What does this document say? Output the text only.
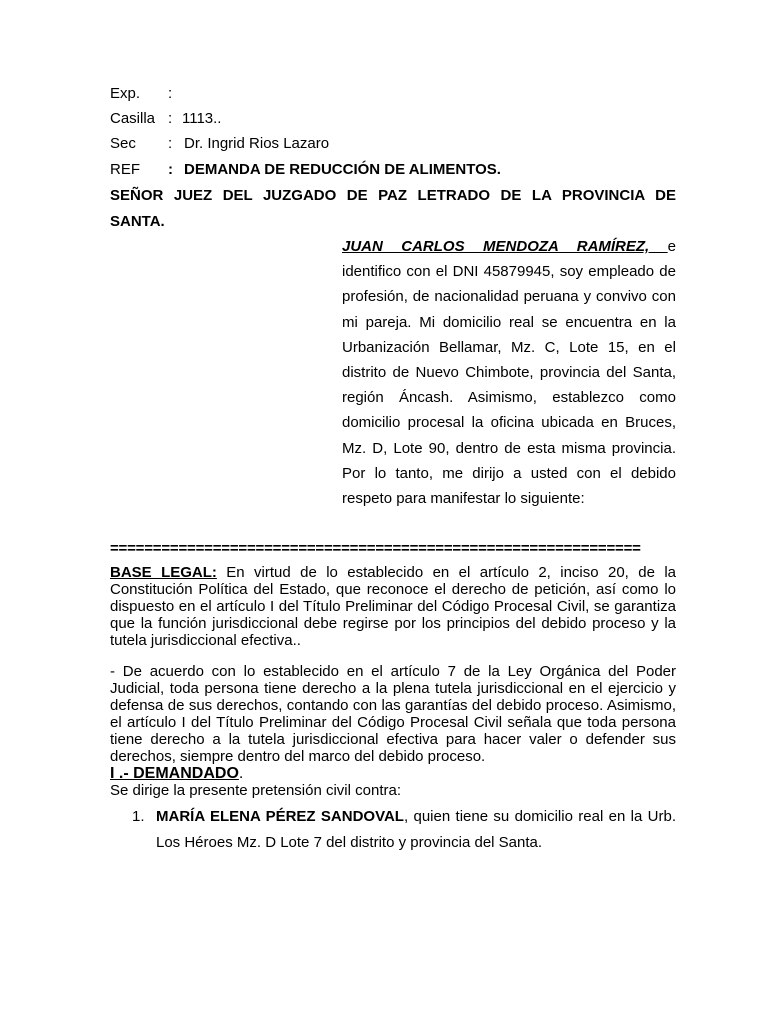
Exp. :
Casilla : 1113..
Sec : Dr. Ingrid Rios Lazaro
REF : DEMANDA DE REDUCCIÓN DE ALIMENTOS.
SEÑOR JUEZ DEL JUZGADO DE PAZ LETRADO DE LA PROVINCIA DE
SANTA.
JUAN CARLOS MENDOZA RAMÍREZ, e identifico con el DNI 45879945, soy empleado de profesión, de nacionalidad peruana y convivo con mi pareja. Mi domicilio real se encuentra en la Urbanización Bellamar, Mz. C, Lote 15, en el distrito de Nuevo Chimbote, provincia del Santa, región Áncash. Asimismo, establezco como domicilio procesal la oficina ubicada en Bruces, Mz. D, Lote 90, dentro de esta misma provincia. Por lo tanto, me dirijo a usted con el debido respeto para manifestar lo siguiente:
==============================================================
BASE LEGAL: En virtud de lo establecido en el artículo 2, inciso 20, de la Constitución Política del Estado, que reconoce el derecho de petición, así como lo dispuesto en el artículo I del Título Preliminar del Código Procesal Civil, se garantiza que la función jurisdiccional debe regirse por los principios del debido proceso y la tutela jurisdiccional efectiva..
- De acuerdo con lo establecido en el artículo 7 de la Ley Orgánica del Poder Judicial, toda persona tiene derecho a la plena tutela jurisdiccional en el ejercicio y defensa de sus derechos, contando con las garantías del debido proceso. Asimismo, el artículo I del Título Preliminar del Código Procesal Civil señala que toda persona tiene derecho a la tutela jurisdiccional efectiva para hacer valer o defender sus derechos, siempre dentro del marco del debido proceso.
I .- DEMANDADO.
Se dirige la presente pretensión civil contra:
1. MARÍA ELENA PÉREZ SANDOVAL, quien tiene su domicilio real en la Urb. Los Héroes Mz. D Lote 7 del distrito y provincia del Santa.
